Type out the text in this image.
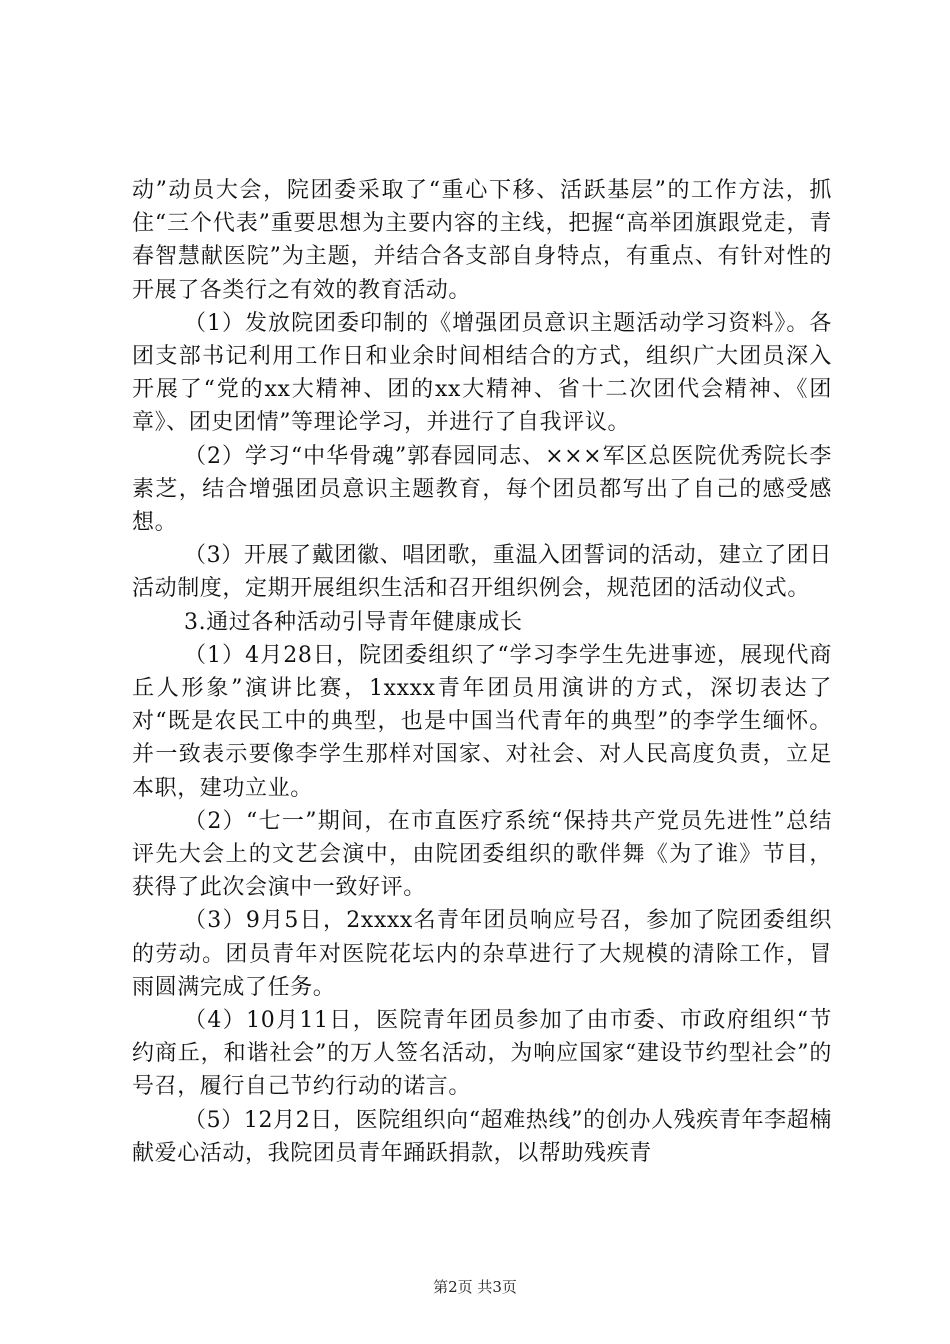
动”动员大会，院团委采取了“重心下移、活跃基层”的工作方法，抓住“三个代表”重要思想为主要内容的主线，把握“高举团旗跟党走，青春智慧献医院”为主题，并结合各支部自身特点，有重点、有针对性的开展了各类行之有效的教育活动。

（1）发放院团委印制的《增强团员意识主题活动学习资料》。各团支部书记利用工作日和业余时间相结合的方式，组织广大团员深入开展了“党的xx大精神、团的xx大精神、省十二次团代会精神、《团章》、团史团情”等理论学习，并进行了自我评议。

（2）学习“中华骨魂”郭春园同志、×××军区总医院优秀院长李素芝，结合增强团员意识主题教育，每个团员都写出了自己的感受感想。

（3）开展了戴团徽、唱团歌，重温入团誓词的活动，建立了团日活动制度，定期开展组织生活和召开组织例会，规范团的活动仪式。

3.通过各种活动引导青年健康成长

（1）4月28日，院团委组织了“学习李学生先进事迹，展现代商丘人形象”演讲比赛，1xxxx青年团员用演讲的方式，深切表达了对“既是农民工中的典型，也是中国当代青年的典型”的李学生缅怀。并一致表示要像李学生那样对国家、对社会、对人民高度负责，立足本职，建功立业。

（2）“七一”期间，在市直医疗系统“保持共产党员先进性”总结评先大会上的文艺会演中，由院团委组织的歌伴舞《为了谁》节目，获得了此次会演中一致好评。

（3）9月5日，2xxxx名青年团员响应号召，参加了院团委组织的劳动。团员青年对医院花坛内的杂草进行了大规模的清除工作，冒雨圆满完成了任务。

（4）10月11日，医院青年团员参加了由市委、市政府组织“节约商丘，和谐社会”的万人签名活动，为响应国家“建设节约型社会”的号召，履行自己节约行动的诺言。

（5）12月2日，医院组织向“超难热线”的创办人残疾青年李超楠献爱心活动，我院团员青年踊跃捐款，以帮助残疾青

第2页 共3页
